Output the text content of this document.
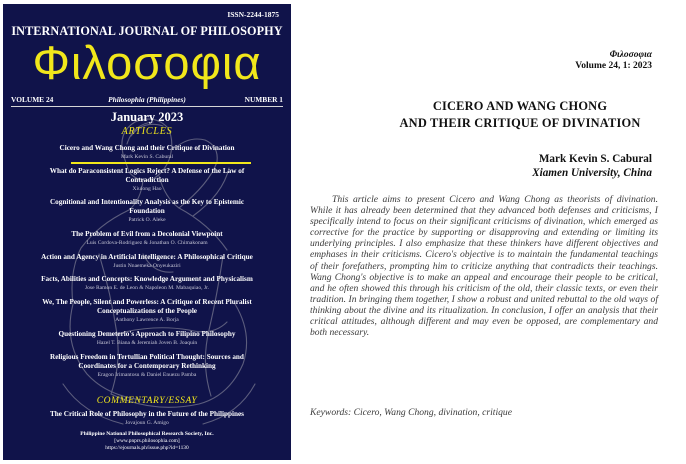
ISSN-2244-1875
INTERNATIONAL JOURNAL OF PHILOSOPHY
Φιλοσοφια
VOLUME 24	Philosophia (Philippines)	NUMBER 1
January 2023
ARTICLES
Cicero and Wang Chong and their Critique of Divination
Mark Kevin S. Cabural
What do Paraconsistent Logics Reject? A Defense of the Law of
Contradiction
Xiulong Hao
Cognitional and Intentionality Analysis as the Key to Epistemic
Foundation
Patrick O. Aleke
The Problem of Evil from a Decolonial Viewpoint
Luis Cordova-Rodriguez & Jonathan O. Chimakonam
Action and Agency in Artificial Intelligence: A Philosophical Critique
Justin Nnaemeka Onyeukaziri
Facts, Abilities and Concepts: Knowledge Argument and Physicalism
Jose Ramon E. de Leon & Napoleon M. Mabaquiao, Jr.
We, The People, Silent and Powerless: A Critique of Recent Pluralist
Conceptualizations of the People
Anthony Lawrence A. Borja
Questioning Demeterio's Approach to Filipino Philosophy
Hazel T. Biana & Jeremiah Joven B. Joaquin
Religious Freedom in Tertullian Political Thought: Sources and
Coordinates for a Contemporary Rethinking
Eragon Irimantosu & Daniel Enuezu Pamba
COMMENTARY/ESSAY
The Critical Role of Philosophy in the Future of the Philippines
Jovajoun G. Amigo
Philippine National Philosophical Research Society, Inc.
[www.pnprs.philosophia.com]
https://ejournals.ph/issue.php?id=1130
Φιλοσοφια
Volume 24, 1: 2023
CICERO AND WANG CHONG
AND THEIR CRITIQUE OF DIVINATION
Mark Kevin S. Cabural
Xiamen University, China

This article aims to present Cicero and Wang Chong as theorists of divination. While it has already been determined that they advanced both defenses and criticisms, I specifically intend to focus on their significant criticisms of divination, which emerged as corrective for the practice by supporting or disapproving and extending or limiting its underlying principles. I also emphasize that these thinkers have different objectives and emphases in their criticisms. Cicero's objective is to maintain the fundamental teachings of their forefathers, prompting him to criticize anything that contradicts their teachings. Wang Chong's objective is to make an appeal and encourage their people to be critical, and he often showed this through his criticism of the old, their classic texts, or even their tradition. In bringing them together, I show a robust and united rebuttal to the old ways of thinking about the divine and its ritualization. In conclusion, I offer an analysis that their critical attitudes, although different and may even be opposed, are complementary and both necessary.

Keywords: Cicero, Wang Chong, divination, critique
